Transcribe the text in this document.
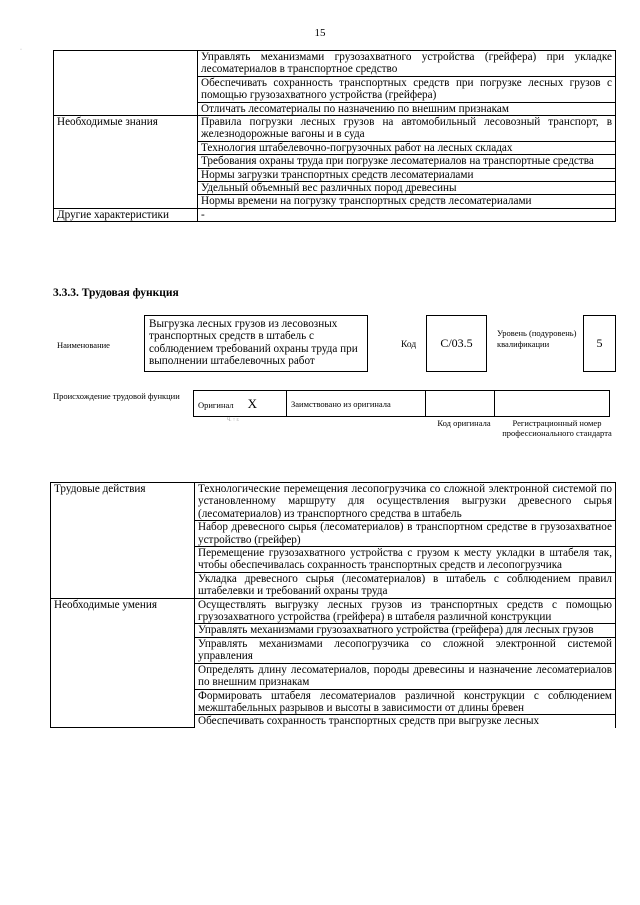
15
·
	Управлять механизмами грузозахватного устройства (грейфера) при укладке лесоматериалов в транспортное средство
	Обеспечивать сохранность транспортных средств при погрузке лесных грузов с помощью грузозахватного устройства (грейфера)
	Отличать лесоматериалы по назначению по внешним признакам
Необходимые знания	Правила погрузки лесных грузов на автомобильный лесовозный транспорт, в железнодорожные вагоны и в суда
	Технология штабелевочно-погрузочных работ на лесных складах
	Требования охраны труда при погрузке лесоматериалов на транспортные средства
	Нормы загрузки транспортных средств лесоматериалами
	Удельный объемный вес различных пород древесины
	Нормы времени на погрузку транспортных средств лесоматериалами
Другие характеристики	-
3.3.3. Трудовая функция
Наименование
Выгрузка лесных грузов из лесовозных транспортных средств в штабель с соблюдением требований охраны труда при выполнении штабелевочных работ
Код	C/03.5
Уровень (подуровень) квалификации	5
Происхождение трудовой функции
Оригинал X	Заимствовано из оригинала		
Ч. ↑ г.	Код оригинала	Регистрационный номер профессионального стандарта
Трудовые действия	Технологические перемещения лесопогрузчика со сложной электронной системой по установленному маршруту для осуществления выгрузки древесного сырья (лесоматериалов) из транспортного средства в штабель
	Набор древесного сырья (лесоматериалов) в транспортном средстве в грузозахватное устройство (грейфер)
	Перемещение грузозахватного устройства с грузом к месту укладки в штабеля так, чтобы обеспечивалась сохранность транспортных средств и лесопогрузчика
	Укладка древесного сырья (лесоматериалов) в штабель с соблюдением правил штабелевки и требований охраны труда
Необходимые умения	Осуществлять выгрузку лесных грузов из транспортных средств с помощью грузозахватного устройства (грейфера) в штабеля различной конструкции
	Управлять механизмами грузозахватного устройства (грейфера) для лесных грузов
	Управлять механизмами лесопогрузчика со сложной электронной системой управления
	Определять длину лесоматериалов, породы древесины и назначение лесоматериалов по внешним признакам
	Формировать штабеля лесоматериалов различной конструкции с соблюдением межштабельных разрывов и высоты в зависимости от длины бревен
	Обеспечивать сохранность транспортных средств при выгрузке лесных
